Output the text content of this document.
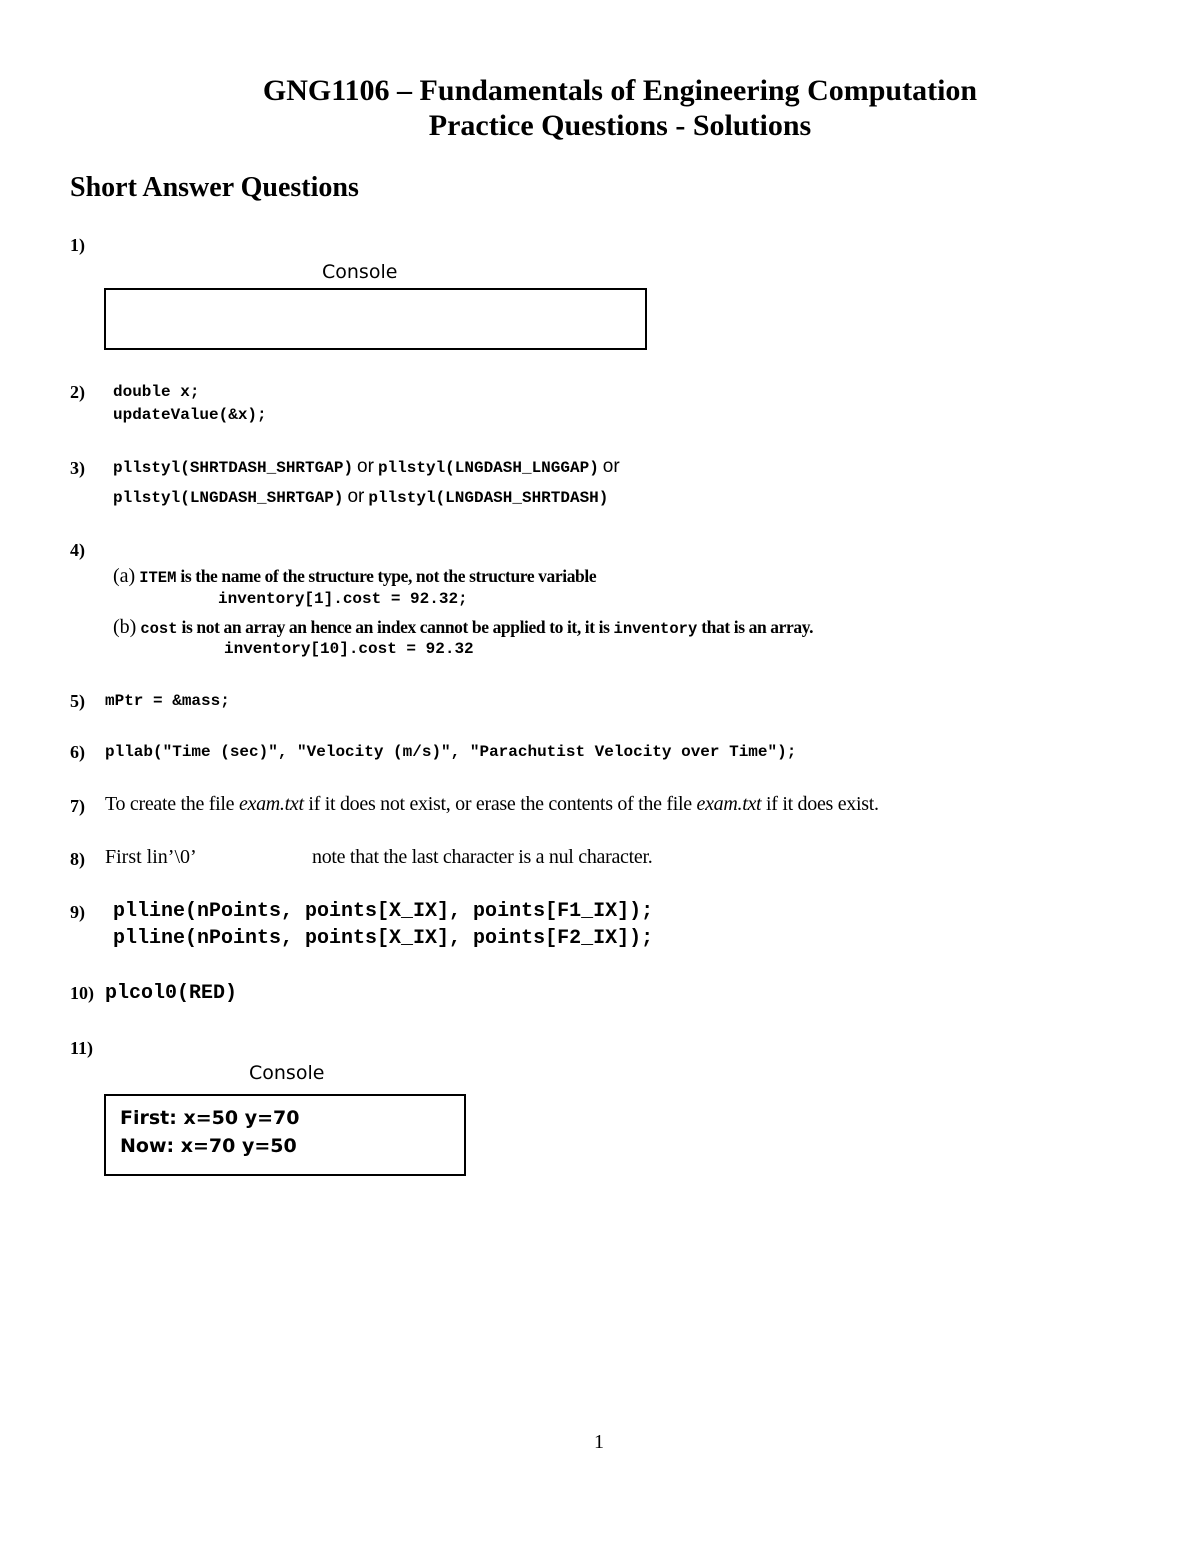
GNG1106 – Fundamentals of Engineering Computation
Practice Questions - Solutions
Short Answer Questions
1)
Console
2) double x;
updateValue(&x);
3) pllstyl(SHRTDASH_SHRTGAP) or pllstyl(LNGDASH_LNGGAP) or
pllstyl(LNGDASH_SHRTGAP) or pllstyl(LNGDASH_SHRTDASH)
4)
(a) ITEM is the name of the structure type, not the structure variable
inventory[1].cost = 92.32;
(b) cost is not an array an hence an index cannot be applied to it, it is inventory that is an array.
inventory[10].cost = 92.32
5) mPtr = &mass;
6) pllab("Time (sec)", "Velocity (m/s)", "Parachutist Velocity over Time");
7) To create the file exam.txt if it does not exist, or erase the contents of the file exam.txt if it does exist.
8) First lin’\0’	note that the last character is a nul character.
9) plline(nPoints, points[X_IX], points[F1_IX]);
plline(nPoints, points[X_IX], points[F2_IX]);
10) plcol0(RED)
11)
Console
First: x=50 y=70
Now: x=70 y=50
1
